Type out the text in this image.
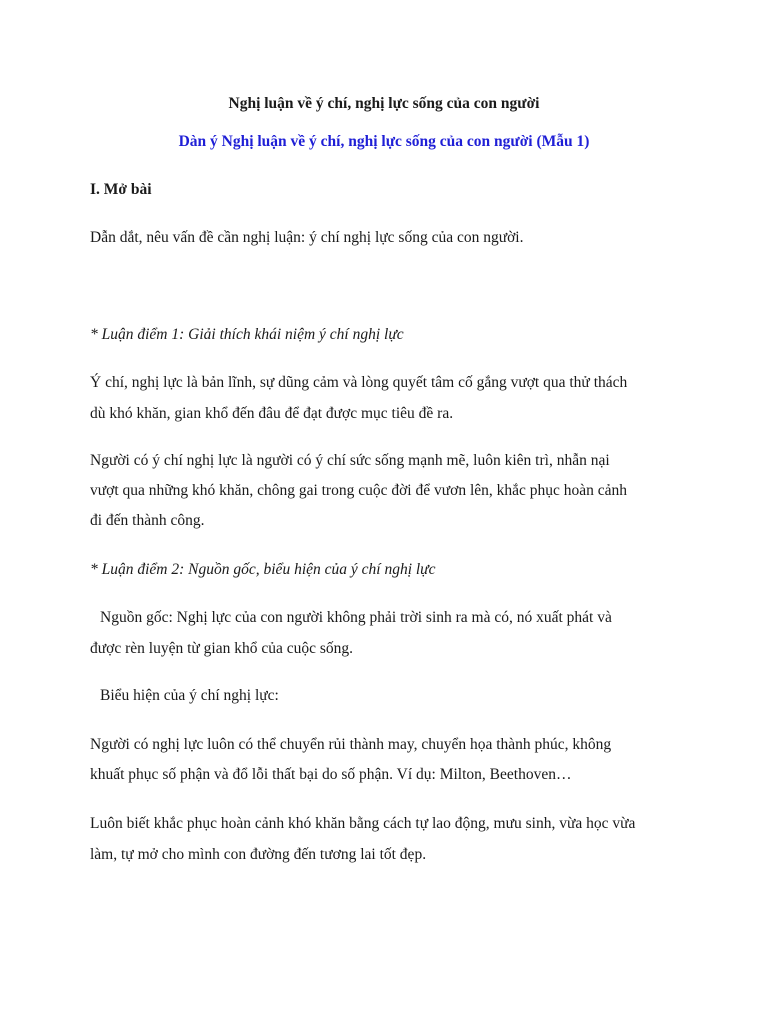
Nghị luận về ý chí, nghị lực sống của con người

Dàn ý Nghị luận về ý chí, nghị lực sống của con người (Mẫu 1)

I. Mở bài

Dẫn dắt, nêu vấn đề cần nghị luận: ý chí nghị lực sống của con người.

* Luận điểm 1: Giải thích khái niệm ý chí nghị lực

Ý chí, nghị lực là bản lĩnh, sự dũng cảm và lòng quyết tâm cố gắng vượt qua thử thách

dù khó khăn, gian khổ đến đâu để đạt được mục tiêu đề ra.

Người có ý chí nghị lực là người có ý chí sức sống mạnh mẽ, luôn kiên trì, nhẫn nại

vượt qua những khó khăn, chông gai trong cuộc đời để vươn lên, khắc phục hoàn cảnh

đi đến thành công.

* Luận điểm 2: Nguồn gốc, biểu hiện của ý chí nghị lực

Nguồn gốc: Nghị lực của con người không phải trời sinh ra mà có, nó xuất phát và

được rèn luyện từ gian khổ của cuộc sống.

Biểu hiện của ý chí nghị lực:

Người có nghị lực luôn có thể chuyển rủi thành may, chuyển họa thành phúc, không

khuất phục số phận và đổ lỗi thất bại do số phận. Ví dụ: Milton, Beethoven…

Luôn biết khắc phục hoàn cảnh khó khăn bằng cách tự lao động, mưu sinh, vừa học vừa

làm, tự mở cho mình con đường đến tương lai tốt đẹp.
